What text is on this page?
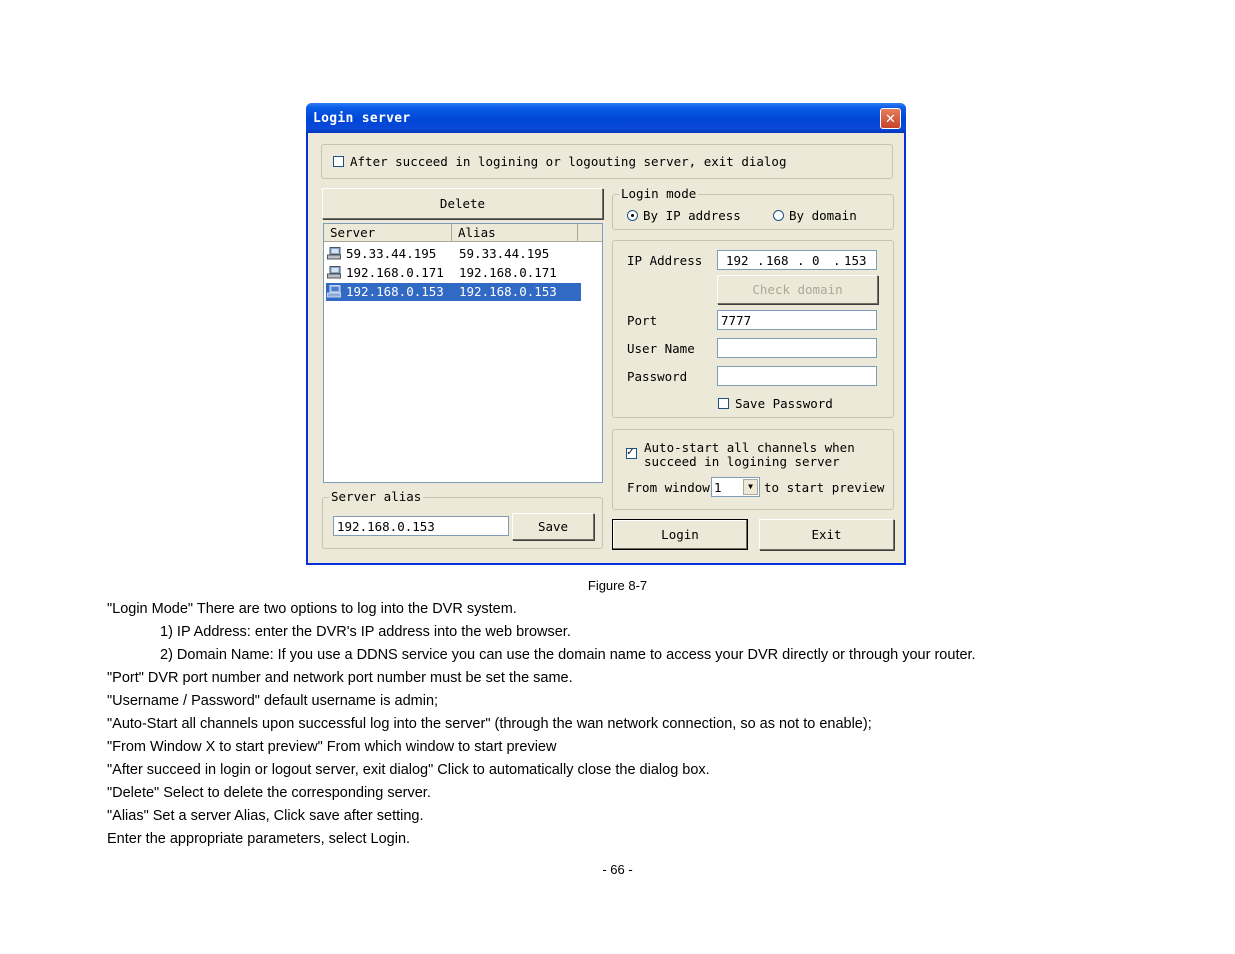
Login server	✕
After succeed in logining or logouting server, exit dialog
Delete
Server	Alias
59.33.44.195 59.33.44.195
192.168.0.171 192.168.0.171
192.168.0.153 192.168.0.153
Server alias
192.168.0.153	Save
Login mode
By IP address	By domain
IP Address 192 . 168 . 0 . 153
Check domain
Port	7777
User Name
Password
Save Password
✓
Auto-start all channels when
succeed in logining server
From window 1	▼ to start preview
Login	Exit
Figure 8-7

"Login Mode" There are two options to log into the DVR system.

1) IP Address: enter the DVR's IP address into the web browser.

2) Domain Name: If you use a DDNS service you can use the domain name to access your DVR directly or through your router.

"Port" DVR port number and network port number must be set the same.

"Username / Password" default username is admin;

"Auto-Start all channels upon successful log into the server" (through the wan network connection, so as not to enable);

"From Window X to start preview" From which window to start preview

"After succeed in login or logout server, exit dialog" Click to automatically close the dialog box.

"Delete" Select to delete the corresponding server.

"Alias" Set a server Alias, Click save after setting.

Enter the appropriate parameters, select Login.

- 66 -
